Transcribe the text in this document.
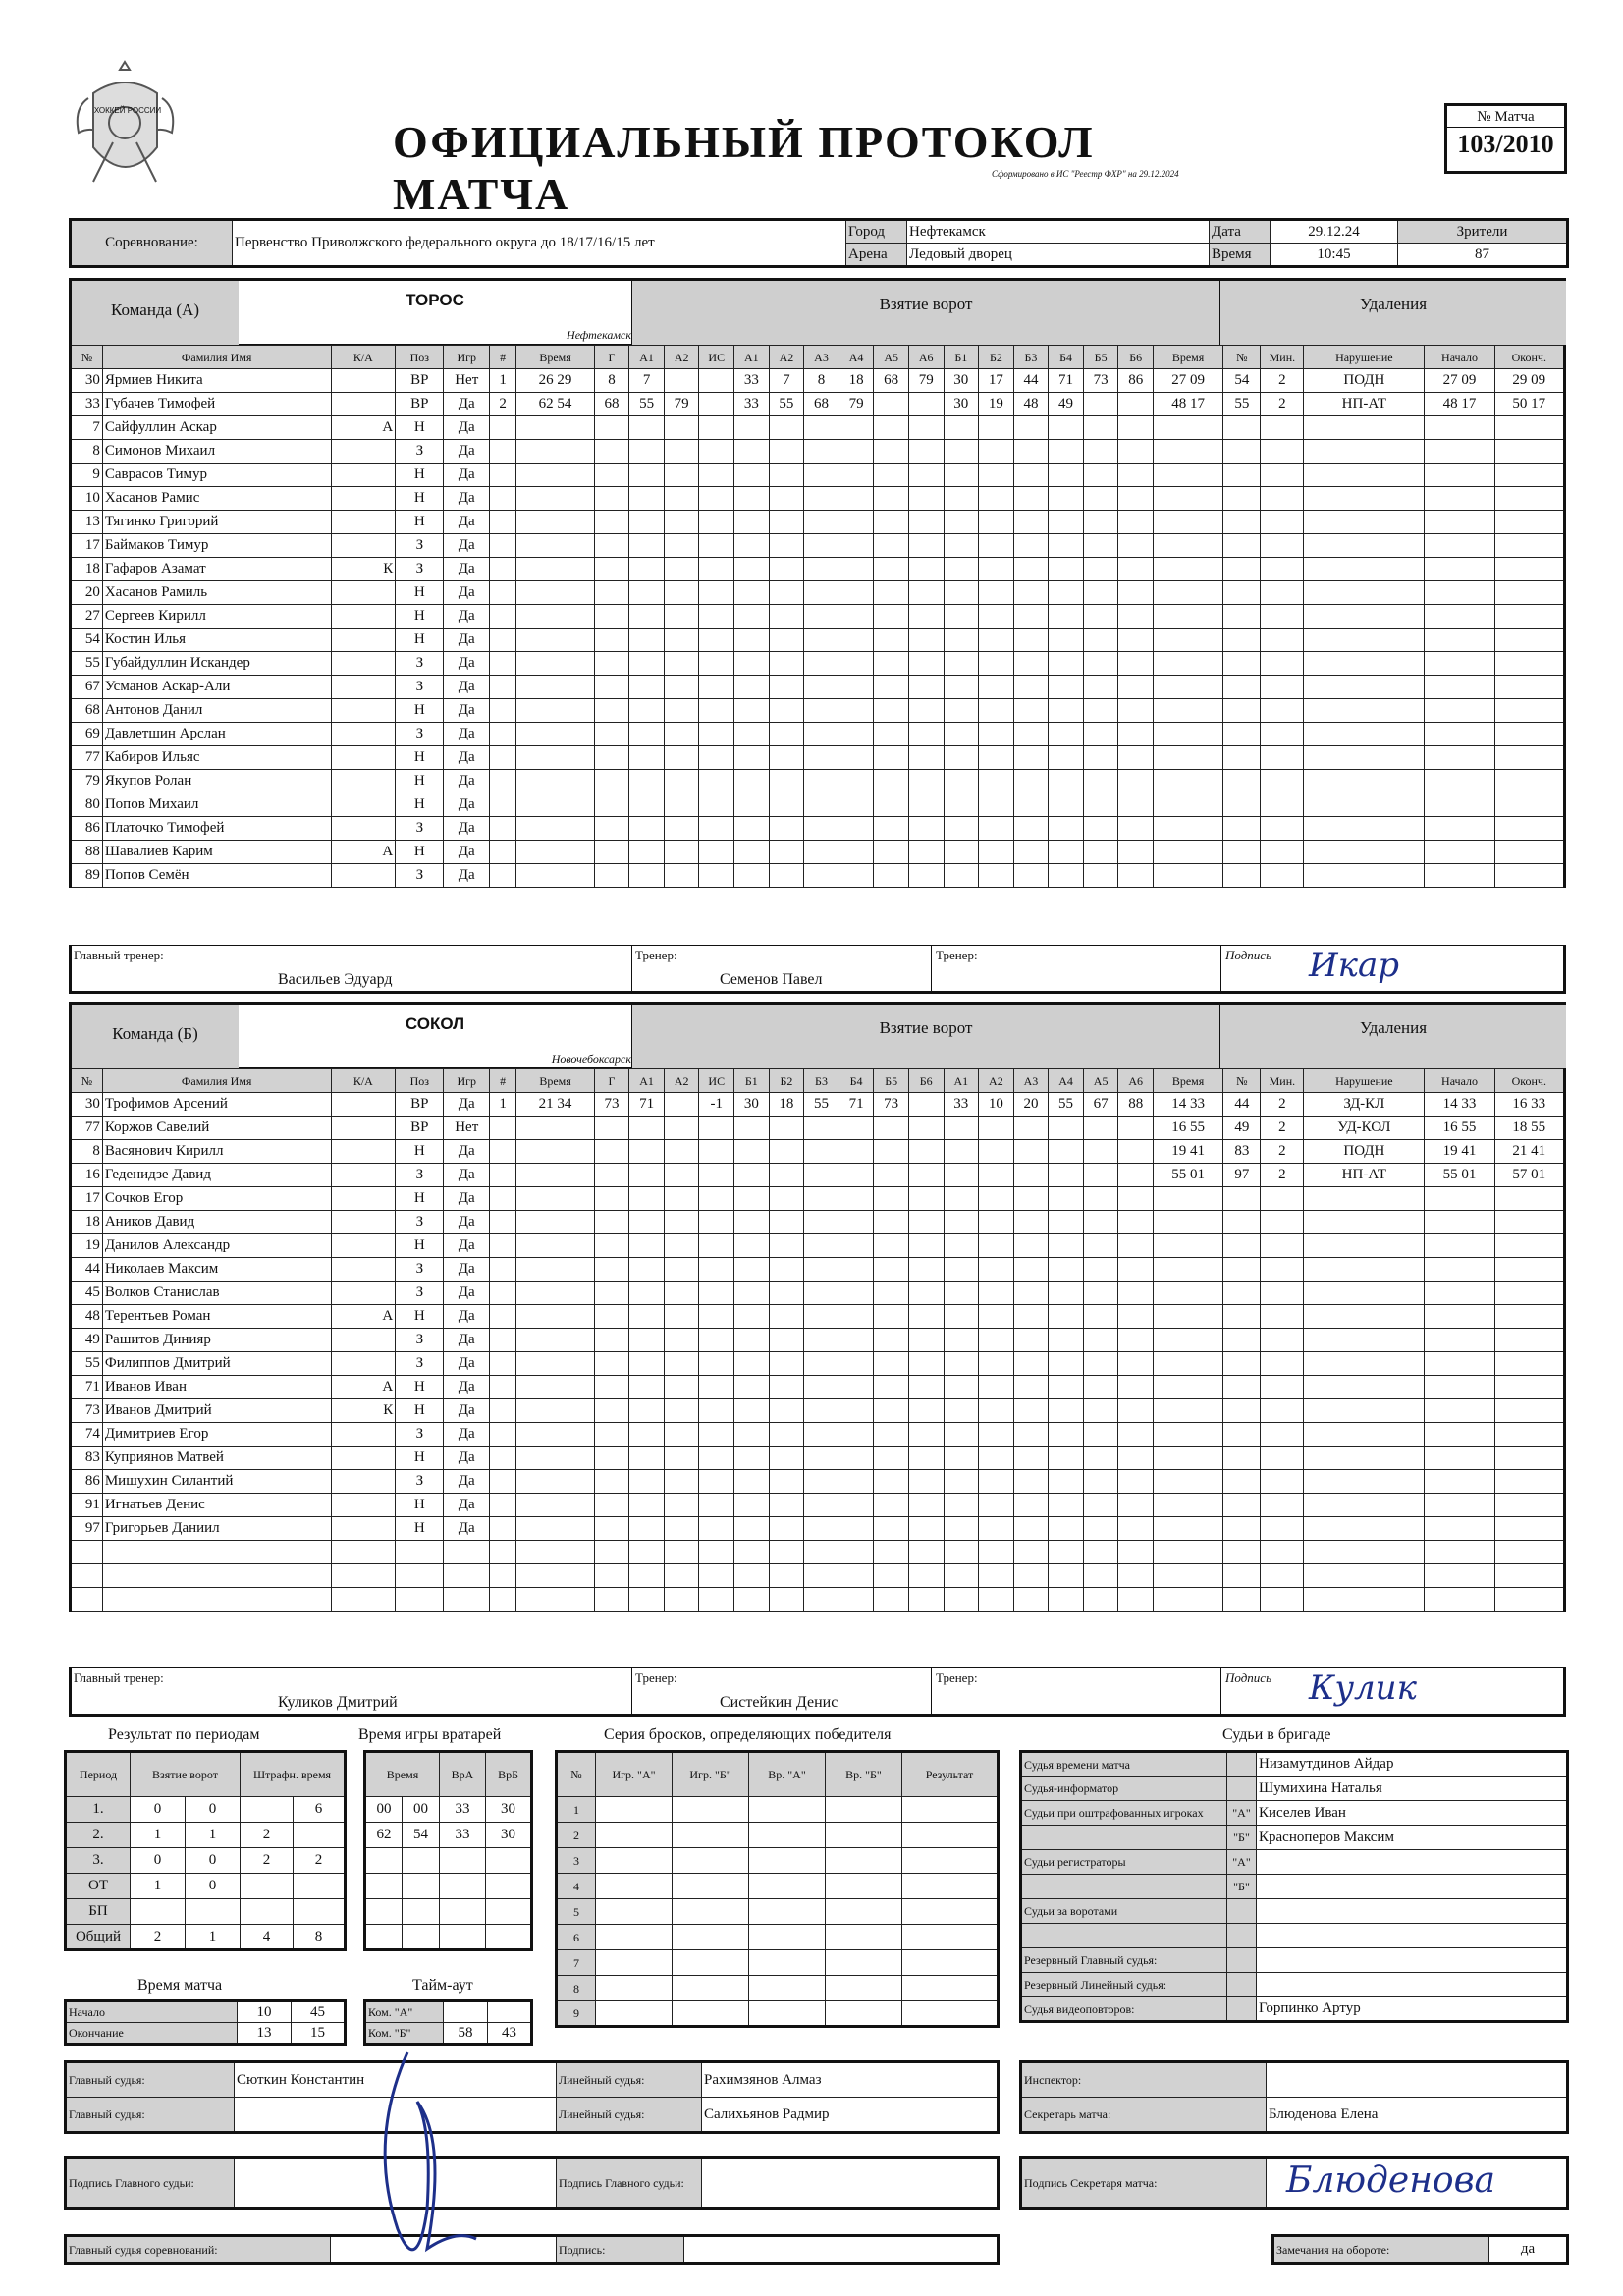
ХОККЕЙ РОССИИ
ОФИЦИАЛЬНЫЙ ПРОТОКОЛ МАТЧА	Сформировано в ИС "Реестр ФХР" на 29.12.2024
№ Матча
103/2010
Соревнование:	Первенство Приволжского федерального округа до 18/17/16/15 лет	Город	Нефтекамск	Дата	29.12.24	Зрители
		Арена	Ледовый дворец	Время	10:45	87
Команда (А)
ТОРОС
Нефтекамск
Взятие ворот	Удаления
№	Фамилия Имя	К/А	Поз	Игр	#	Время	Г	А1	А2	ИС	А1	А2	А3	А4	А5	А6	Б1	Б2	Б3	Б4	Б5	Б6	Время	№	Мин.	Нарушение	Начало	Оконч.
30	Ярмиев Никита		ВР	Нет	1	26 29	8	7			33	7	8	18	68	79	30	17	44	71	73	86	27 09	54	2	ПОДН	27 09	29 09
33	Губачев Тимофей		ВР	Да	2	62 54	68	55	79		33	55	68	79			30	19	48	49			48 17	55	2	НП-АТ	48 17	50 17
7	Сайфуллин Аскар	А	Н	Да																								
8	Симонов Михаил		З	Да																								
9	Саврасов Тимур		Н	Да																								
10	Хасанов Рамис		Н	Да																								
13	Тягинко Григорий		Н	Да																								
17	Баймаков Тимур		З	Да																								
18	Гафаров Азамат	К	З	Да																								
20	Хасанов Рамиль		Н	Да																								
27	Сергеев Кирилл		Н	Да																								
54	Костин Илья		Н	Да																								
55	Губайдуллин Искандер		З	Да																								
67	Усманов Аскар-Али		З	Да																								
68	Антонов Данил		Н	Да																								
69	Давлетшин Арслан		З	Да																								
77	Кабиров Ильяс		Н	Да																								
79	Якупов Ролан		Н	Да																								
80	Попов Михаил		Н	Да																								
86	Платочко Тимофей		З	Да																								
88	Шавалиев Карим	А	Н	Да																								
89	Попов Семён		З	Да																								
Главный тренер:
Васильев Эдуард
Тренер:
Семенов Павел
Тренер:	Подпись Икар
Команда (Б)
СОКОЛ
Новочебоксарск
Взятие ворот	Удаления
№	Фамилия Имя	К/А	Поз	Игр	#	Время	Г	А1	А2	ИС	Б1	Б2	Б3	Б4	Б5	Б6	А1	А2	А3	А4	А5	А6	Время	№	Мин.	Нарушение	Начало	Оконч.
30	Трофимов Арсений		ВР	Да	1	21 34	73	71		-1	30	18	55	71	73		33	10	20	55	67	88	14 33	44	2	ЗД-КЛ	14 33	16 33
77	Коржов Савелий		ВР	Нет																			16 55	49	2	УД-КОЛ	16 55	18 55
8	Васянович Кирилл		Н	Да																			19 41	83	2	ПОДН	19 41	21 41
16	Геденидзе Давид		З	Да																			55 01	97	2	НП-АТ	55 01	57 01
17	Сочков Егор		Н	Да																								
18	Аников Давид		З	Да																								
19	Данилов Александр		Н	Да																								
44	Николаев Максим		З	Да																								
45	Волков Станислав		З	Да																								
48	Терентьев Роман	А	Н	Да																								
49	Рашитов Динияр		З	Да																								
55	Филиппов Дмитрий		З	Да																								
71	Иванов Иван	А	Н	Да																								
73	Иванов Дмитрий	К	Н	Да																								
74	Димитриев Егор		З	Да																								
83	Куприянов Матвей		Н	Да																								
86	Мишухин Силантий		З	Да																								
91	Игнатьев Денис		Н	Да																								
97	Григорьев Даниил		Н	Да																								

Главный тренер:
Куликов Дмитрий
Тренер:
Систейкин Денис
Тренер:	Подпись Кулик
Результат по периодам
Период	Взятие ворот		Штрафн. время	
1.	0	0		6
2.	1	1	2	
3.	0	0	2	2
ОТ	1	0		
БП				
Общий	2	1	4	8
Время игры вратарей
Время		ВрА	ВрБ
00	00	33	30
62	54	33	30

Серия бросков, определяющих победителя
№	Игр. "А"	Игр. "Б"	Вр. "А"	Вр. "Б"	Результат
1					
2					
3					
4					
5					
6					
7					
8					
9					
Время матча
Начало	10	45
Окончание	13	15
Тайм-аут
Ком. "А"		
Ком. "Б"	58	43
Судьи в бригаде
Судья времени матча		Низамутдинов Айдар
Судья-информатор		Шумихина Наталья
Судьи при оштрафованных игроках	"А"	Киселев Иван
	"Б"	Красноперов Максим
Судьи регистраторы	"А"	
	"Б"	
Судьи за воротами		

Резервный Главный судья:		
Резервный Линейный судья:		
Судья видеоповторов:		Горпинко Артур
Главный судья:	Сюткин Константин	Линейный судья:	Рахимзянов Алмаз
Главный судья:		Линейный судья:	Салихьянов Радмир
Инспектор:	
Секретарь матча:	Блюденова Елена
Подпись Главного судьи:		Подпись Главного судьи:		Подпись Секретаря матча:		Блюденова
Главный судья соревнований:		Подпись:		Замечания на обороте:	да
